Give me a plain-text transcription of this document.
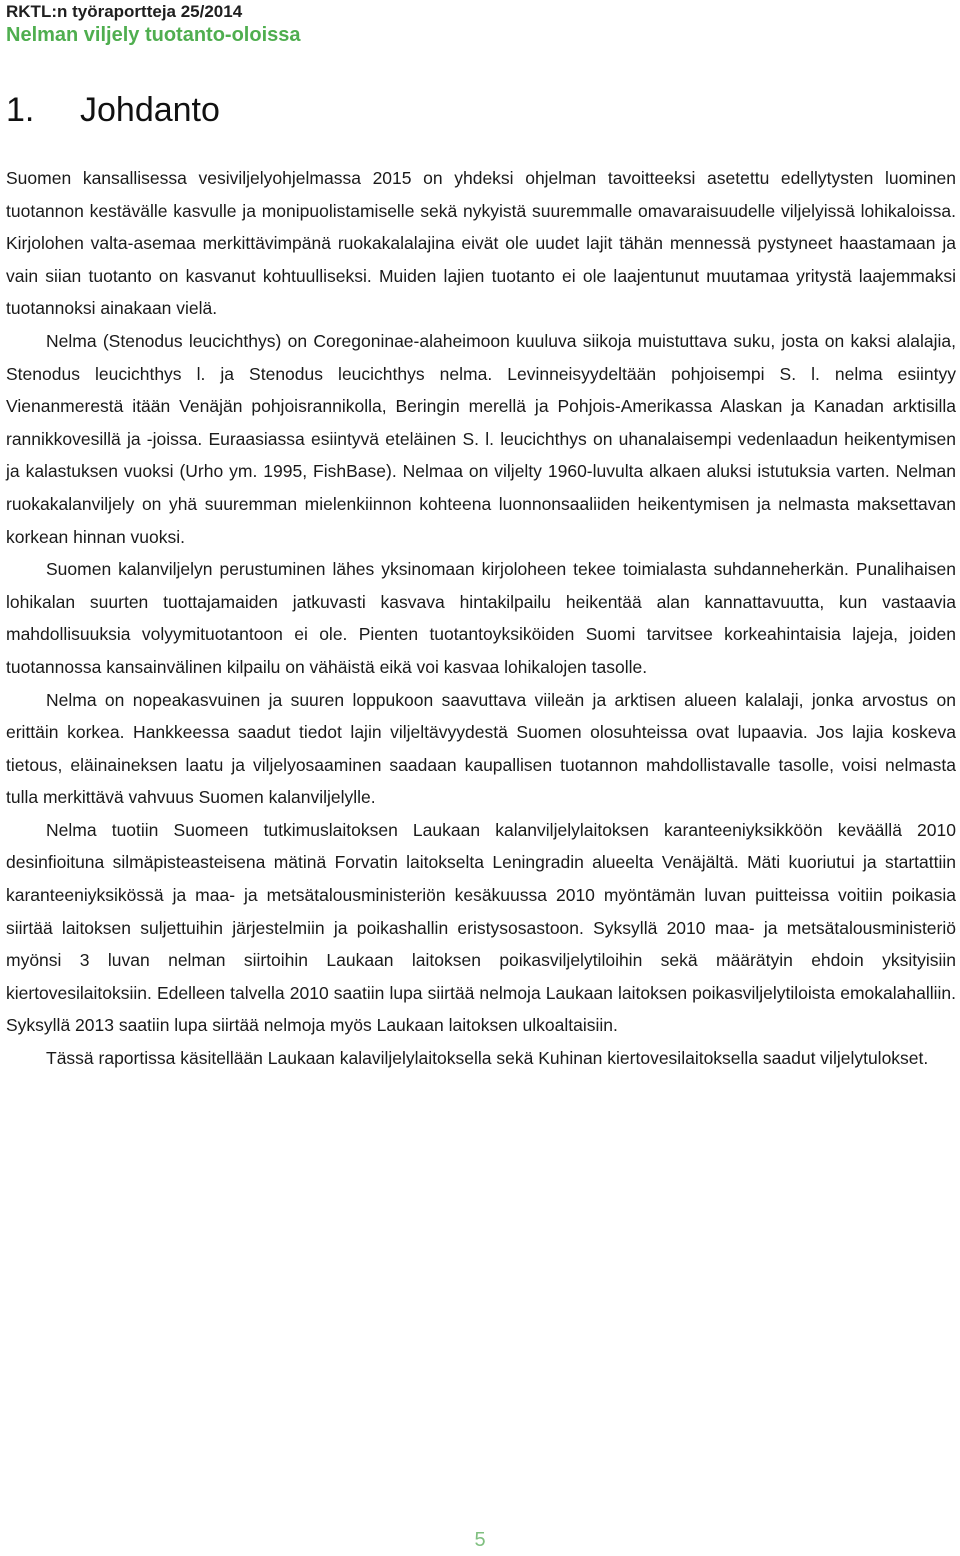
RKTL:n työraportteja 25/2014
Nelman viljely tuotanto-oloissa
1. Johdanto

Suomen kansallisessa vesiviljelyohjelmassa 2015 on yhdeksi ohjelman tavoitteeksi asetettu edellytysten luominen tuotannon kestävälle kasvulle ja monipuolistamiselle sekä nykyistä suuremmalle omavaraisuudelle viljelyissä lohikaloissa. Kirjolohen valta-asemaa merkittävimpänä ruokakalalajina eivät ole uudet lajit tähän mennessä pystyneet haastamaan ja vain siian tuotanto on kasvanut kohtuulliseksi. Muiden lajien tuotanto ei ole laajentunut muutamaa yritystä laajemmaksi tuotannoksi ainakaan vielä.

Nelma (Stenodus leucichthys) on Coregoninae-alaheimoon kuuluva siikoja muistuttava suku, josta on kaksi alalajia, Stenodus leucichthys l. ja Stenodus leucichthys nelma. Levinneisyydeltään pohjoisempi S. l. nelma esiintyy Vienanmerestä itään Venäjän pohjoisrannikolla, Beringin merellä ja Pohjois-Amerikassa Alaskan ja Kanadan arktisilla rannikkovesillä ja -joissa. Euraasiassa esiintyvä eteläinen S. l. leucichthys on uhanalaisempi vedenlaadun heikentymisen ja kalastuksen vuoksi (Urho ym. 1995, FishBase). Nelmaa on viljelty 1960-luvulta alkaen aluksi istutuksia varten. Nelman ruokakalanviljely on yhä suuremman mielenkiinnon kohteena luonnonsaaliiden heikentymisen ja nelmasta maksettavan korkean hinnan vuoksi.

Suomen kalanviljelyn perustuminen lähes yksinomaan kirjoloheen tekee toimialasta suhdanneherkän. Punalihaisen lohikalan suurten tuottajamaiden jatkuvasti kasvava hintakilpailu heikentää alan kannattavuutta, kun vastaavia mahdollisuuksia volyymituotantoon ei ole. Pienten tuotantoyksiköiden Suomi tarvitsee korkeahintaisia lajeja, joiden tuotannossa kansainvälinen kilpailu on vähäistä eikä voi kasvaa lohikalojen tasolle.

Nelma on nopeakasvuinen ja suuren loppukoon saavuttava viileän ja arktisen alueen kalalaji, jonka arvostus on erittäin korkea. Hankkeessa saadut tiedot lajin viljeltävyydestä Suomen olosuhteissa ovat lupaavia. Jos lajia koskeva tietous, eläinaineksen laatu ja viljelyosaaminen saadaan kaupallisen tuotannon mahdollistavalle tasolle, voisi nelmasta tulla merkittävä vahvuus Suomen kalanviljelylle.

Nelma tuotiin Suomeen tutkimuslaitoksen Laukaan kalanviljelylaitoksen karanteeniyksikköön keväällä 2010 desinfioituna silmäpisteasteisena mätinä Forvatin laitokselta Leningradin alueelta Venäjältä. Mäti kuoriutui ja startattiin karanteeniyksikössä ja maa- ja metsätalousministeriön kesäkuussa 2010 myöntämän luvan puitteissa voitiin poikasia siirtää laitoksen suljettuihin järjestelmiin ja poikashallin eristysosastoon. Syksyllä 2010 maa- ja metsätalousministeriö myönsi 3 luvan nelman siirtoihin Laukaan laitoksen poikasviljelytiloihin sekä määrätyin ehdoin yksityisiin kiertovesilaitoksiin. Edelleen talvella 2010 saatiin lupa siirtää nelmoja Laukaan laitoksen poikasviljelytiloista emokalahalliin. Syksyllä 2013 saatiin lupa siirtää nelmoja myös Laukaan laitoksen ulkoaltaisiin.

Tässä raportissa käsitellään Laukaan kalaviljelylaitoksella sekä Kuhinan kiertovesilaitoksella saadut viljelytulokset.

5
